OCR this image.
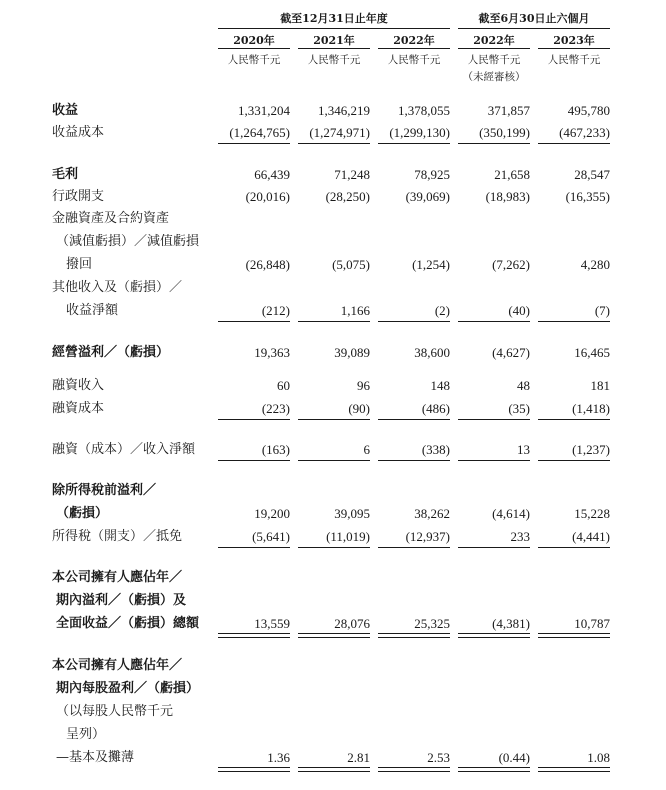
截至12月31日止年度	截至6月30日止六個月
2020年	2021年	2022年	2022年	2023年
人民幣千元	人民幣千元	人民幣千元	人民幣千元	人民幣千元
（未經審核）
收益	1,331,204	1,346,219	1,378,055	371,857	495,780
收益成本	(1,264,765)	(1,274,971)	(1,299,130)	(350,199)	(467,233)
毛利	66,439	71,248	78,925	21,658	28,547
行政開支	(20,016)	(28,250)	(39,069)	(18,983)	(16,355)
金融資產及合約資產
（減值虧損）／減值虧損
撥回	(26,848)	(5,075)	(1,254)	(7,262)	4,280
其他收入及（虧損）／
收益淨額	(212)	1,166	(2)	(40)	(7)
經營溢利／（虧損）	19,363	39,089	38,600	(4,627)	16,465
融資收入	60	96	148	48	181
融資成本	(223)	(90)	(486)	(35)	(1,418)
融資（成本）／收入淨額	(163)	6	(338)	13	(1,237)
除所得稅前溢利／
（虧損）	19,200	39,095	38,262	(4,614)	15,228
所得稅（開支）／抵免	(5,641)	(11,019)	(12,937)	233	(4,441)
本公司擁有人應佔年／
期內溢利／（虧損）及
全面收益／（虧損）總額	13,559	28,076	25,325	(4,381)	10,787
本公司擁有人應佔年／
期內每股盈利／（虧損）
（以每股人民幣千元
呈列）
—基本及攤薄	1.36	2.81	2.53	(0.44)	1.08
